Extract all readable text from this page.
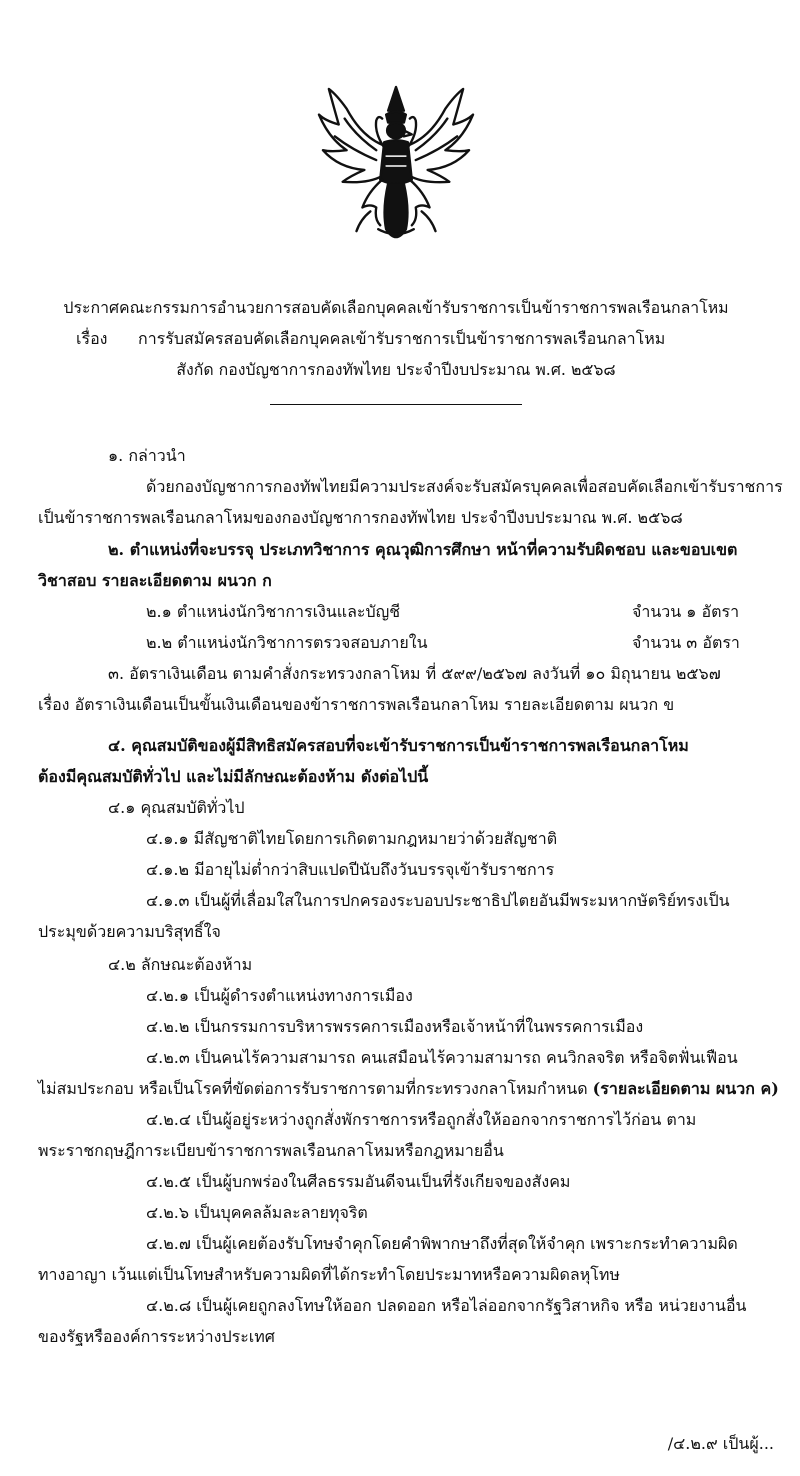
ประกาศคณะกรรมการอำนวยการสอบคัดเลือกบุคคลเข้ารับราชการเป็นข้าราชการพลเรือนกลาโหม
เรื่อง การรับสมัครสอบคัดเลือกบุคคลเข้ารับราชการเป็นข้าราชการพลเรือนกลาโหม
สังกัด กองบัญชาการกองทัพไทย ประจำปีงบประมาณ พ.ศ. ๒๕๖๘
๑. กล่าวนำ
ด้วยกองบัญชาการกองทัพไทยมีความประสงค์จะรับสมัครบุคคลเพื่อสอบคัดเลือกเข้ารับราชการ
เป็นข้าราชการพลเรือนกลาโหมของกองบัญชาการกองทัพไทย ประจำปีงบประมาณ พ.ศ. ๒๕๖๘
๒. ตำแหน่งที่จะบรรจุ ประเภทวิชาการ คุณวุฒิการศึกษา หน้าที่ความรับผิดชอบ และขอบเขต
วิชาสอบ รายละเอียดตาม ผนวก ก
๒.๑ ตำแหน่งนักวิชาการเงินและบัญชี	จำนวน ๑ อัตรา
๒.๒ ตำแหน่งนักวิชาการตรวจสอบภายใน	จำนวน ๓ อัตรา
๓. อัตราเงินเดือน ตามคำสั่งกระทรวงกลาโหม ที่ ๕๙๙/๒๕๖๗ ลงวันที่ ๑๐ มิถุนายน ๒๕๖๗
เรื่อง อัตราเงินเดือนเป็นขั้นเงินเดือนของข้าราชการพลเรือนกลาโหม รายละเอียดตาม ผนวก ข
๔. คุณสมบัติของผู้มีสิทธิสมัครสอบที่จะเข้ารับราชการเป็นข้าราชการพลเรือนกลาโหม
ต้องมีคุณสมบัติทั่วไป และไม่มีลักษณะต้องห้าม ดังต่อไปนี้
๔.๑ คุณสมบัติทั่วไป
๔.๑.๑ มีสัญชาติไทยโดยการเกิดตามกฎหมายว่าด้วยสัญชาติ
๔.๑.๒ มีอายุไม่ต่ำกว่าสิบแปดปีนับถึงวันบรรจุเข้ารับราชการ
๔.๑.๓ เป็นผู้ที่เลื่อมใสในการปกครองระบอบประชาธิปไตยอันมีพระมหากษัตริย์ทรงเป็น
ประมุขด้วยความบริสุทธิ์ใจ
๔.๒ ลักษณะต้องห้าม
๔.๒.๑ เป็นผู้ดำรงตำแหน่งทางการเมือง
๔.๒.๒ เป็นกรรมการบริหารพรรคการเมืองหรือเจ้าหน้าที่ในพรรคการเมือง
๔.๒.๓ เป็นคนไร้ความสามารถ คนเสมือนไร้ความสามารถ คนวิกลจริต หรือจิตฟั่นเฟือน
ไม่สมประกอบ หรือเป็นโรคที่ขัดต่อการรับราชการตามที่กระทรวงกลาโหมกำหนด (รายละเอียดตาม ผนวก ค)
๔.๒.๔ เป็นผู้อยู่ระหว่างถูกสั่งพักราชการหรือถูกสั่งให้ออกจากราชการไว้ก่อน ตาม
พระราชกฤษฎีการะเบียบข้าราชการพลเรือนกลาโหมหรือกฎหมายอื่น
๔.๒.๕ เป็นผู้บกพร่องในศีลธรรมอันดีจนเป็นที่รังเกียจของสังคม
๔.๒.๖ เป็นบุคคลล้มละลายทุจริต
๔.๒.๗ เป็นผู้เคยต้องรับโทษจำคุกโดยคำพิพากษาถึงที่สุดให้จำคุก เพราะกระทำความผิด
ทางอาญา เว้นแต่เป็นโทษสำหรับความผิดที่ได้กระทำโดยประมาทหรือความผิดลหุโทษ
๔.๒.๘ เป็นผู้เคยถูกลงโทษให้ออก ปลดออก หรือไล่ออกจากรัฐวิสาหกิจ หรือ หน่วยงานอื่น
ของรัฐหรือองค์การระหว่างประเทศ
/๔.๒.๙ เป็นผู้...
